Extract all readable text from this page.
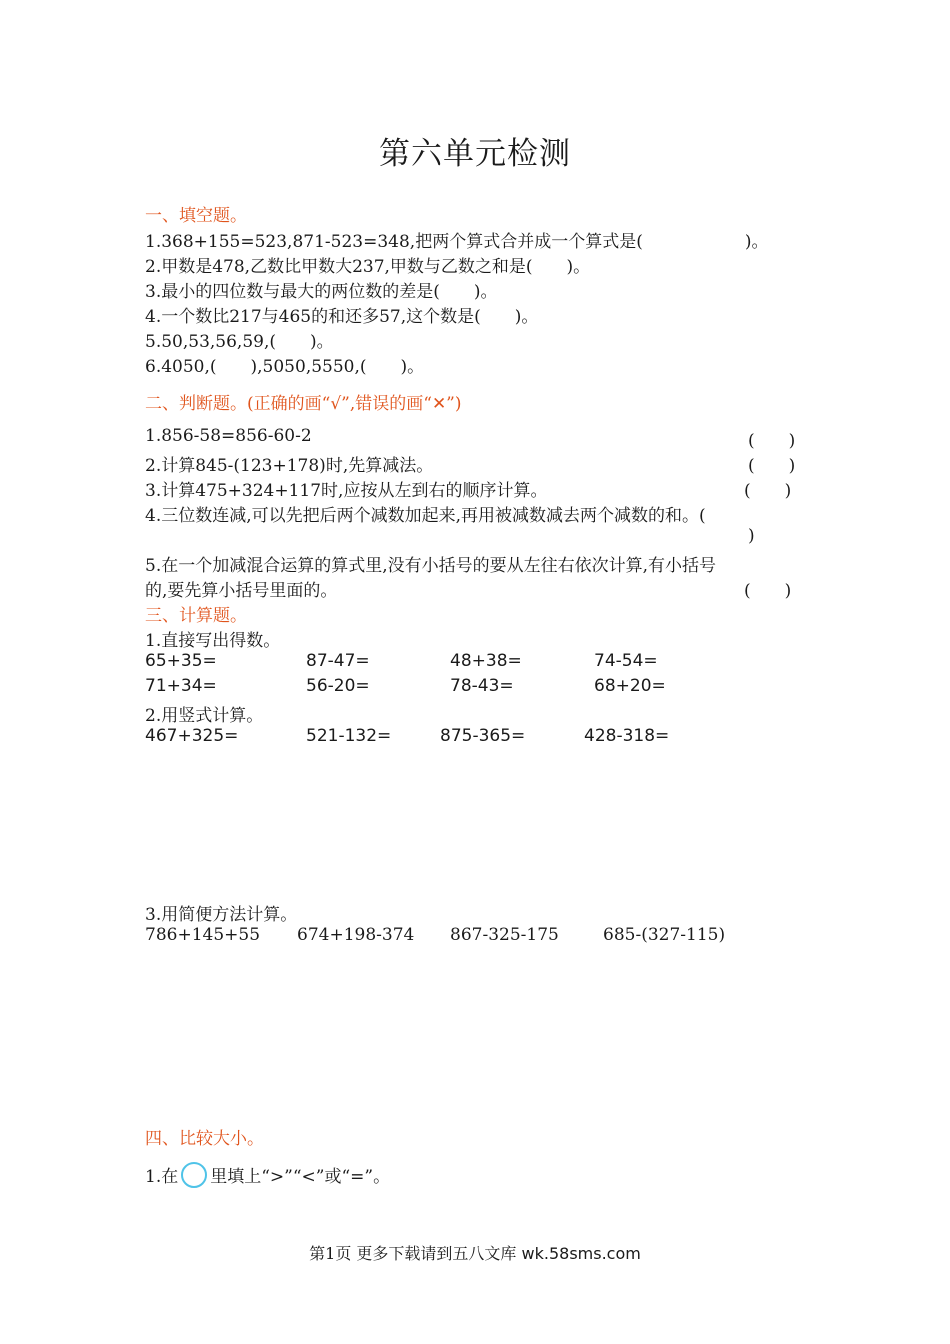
第六单元检测
一、填空题。
1.368+155=523,871-523=348,把两个算式合并成一个算式是(　　　　　　)。
2.甲数是478,乙数比甲数大237,甲数与乙数之和是(　　)。
3.最小的四位数与最大的两位数的差是(　　)。
4.一个数比217与465的和还多57,这个数是(　　)。
5.50,53,56,59,(　　)。
6.4050,(　　),5050,5550,(　　)。
二、判断题。(正确的画“√”,错误的画“✕”)
1.856-58=856-60-2	(　　)
2.计算845-(123+178)时,先算减法。	(　　)
3.计算475+324+117时,应按从左到右的顺序计算。	(　　)
4.三位数连减,可以先把后两个减数加起来,再用被减数减去两个减数的和。(
)
5.在一个加减混合运算的算式里,没有小括号的要从左往右依次计算,有小括号
的,要先算小括号里面的。	(　　)
三、计算题。
1.直接写出得数。
65+35=	87-47=	48+38=	74-54=
71+34=	56-20=	78-43=	68+20=
2.用竖式计算。
467+325=	521-132=	875-365=	428-318=
3.用简便方法计算。
786+145+55 674+198-374 867-325-175	685-(327-115)
四、比较大小。
1.在 里填上“>”“<”或“=”。
第1页 更多下载请到五八文库 wk.58sms.com
